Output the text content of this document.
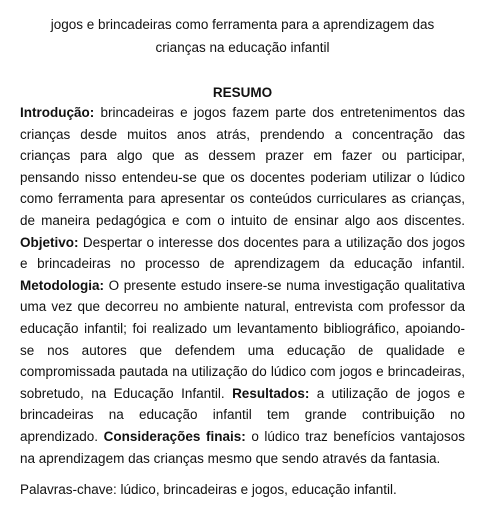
jogos e brincadeiras como ferramenta para a aprendizagem das crianças na educação infantil

RESUMO

Introdução: brincadeiras e jogos fazem parte dos entretenimentos das crianças desde muitos anos atrás, prendendo a concentração das crianças para algo que as dessem prazer em fazer ou participar, pensando nisso entendeu-se que os docentes poderiam utilizar o lúdico como ferramenta para apresentar os conteúdos curriculares as crianças, de maneira pedagógica e com o intuito de ensinar algo aos discentes. Objetivo: Despertar o interesse dos docentes para a utilização dos jogos e brincadeiras no processo de aprendizagem da educação infantil. Metodologia: O presente estudo insere-se numa investigação qualitativa uma vez que decorreu no ambiente natural, entrevista com professor da educação infantil; foi realizado um levantamento bibliográfico, apoiando-se nos autores que defendem uma educação de qualidade e compromissada pautada na utilização do lúdico com jogos e brincadeiras, sobretudo, na Educação Infantil. Resultados: a utilização de jogos e brincadeiras na educação infantil tem grande contribuição no aprendizado. Considerações finais: o lúdico traz benefícios vantajosos na aprendizagem das crianças mesmo que sendo através da fantasia.

Palavras-chave: lúdico, brincadeiras e jogos, educação infantil.
